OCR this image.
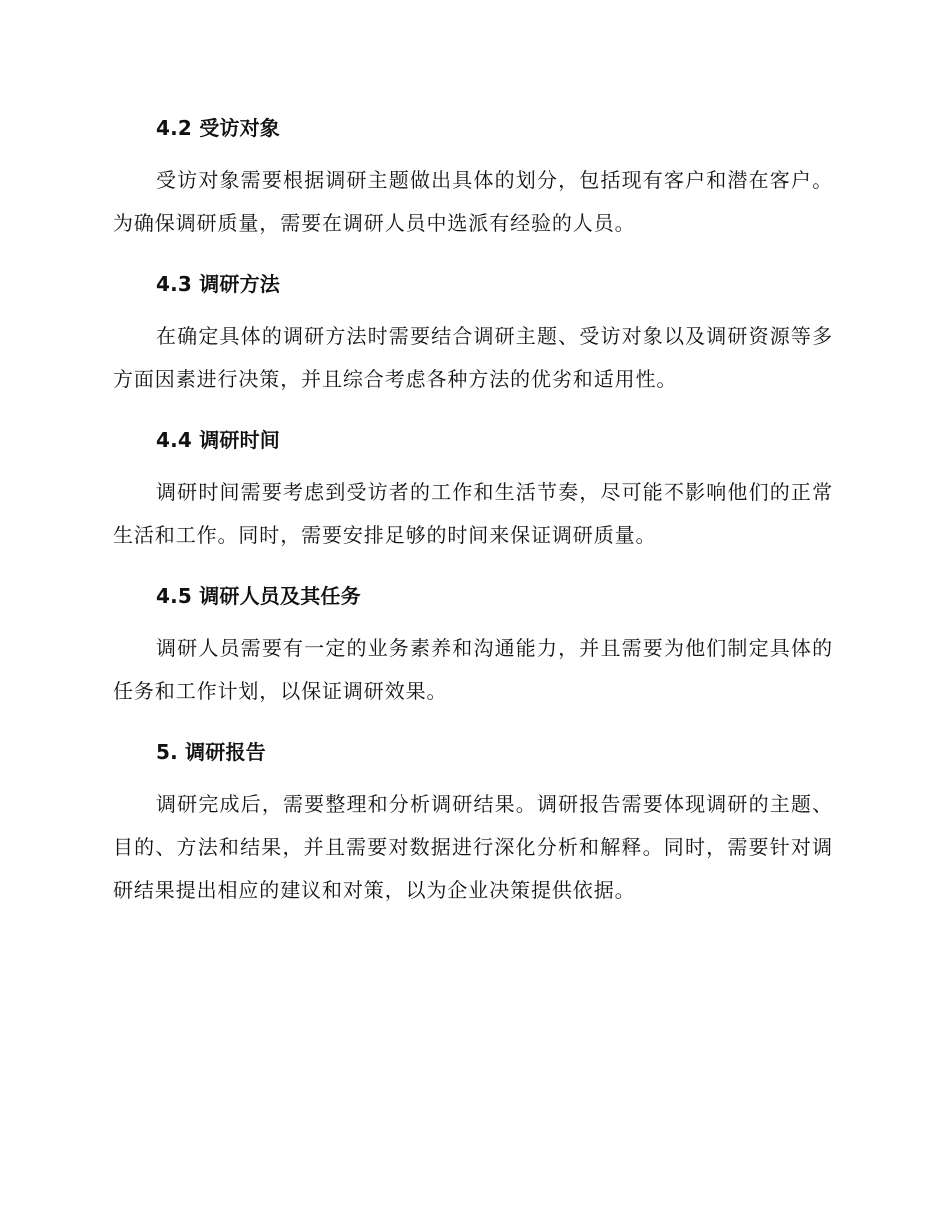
4.2 受访对象

受访对象需要根据调研主题做出具体的划分，包括现有客户和潜在客户。为确保调研质量，需要在调研人员中选派有经验的人员。

4.3 调研方法

在确定具体的调研方法时需要结合调研主题、受访对象以及调研资源等多方面因素进行决策，并且综合考虑各种方法的优劣和适用性。

4.4 调研时间

调研时间需要考虑到受访者的工作和生活节奏，尽可能不影响他们的正常生活和工作。同时，需要安排足够的时间来保证调研质量。

4.5 调研人员及其任务

调研人员需要有一定的业务素养和沟通能力，并且需要为他们制定具体的任务和工作计划，以保证调研效果。

5. 调研报告

调研完成后，需要整理和分析调研结果。调研报告需要体现调研的主题、目的、方法和结果，并且需要对数据进行深化分析和解释。同时，需要针对调研结果提出相应的建议和对策，以为企业决策提供依据。
